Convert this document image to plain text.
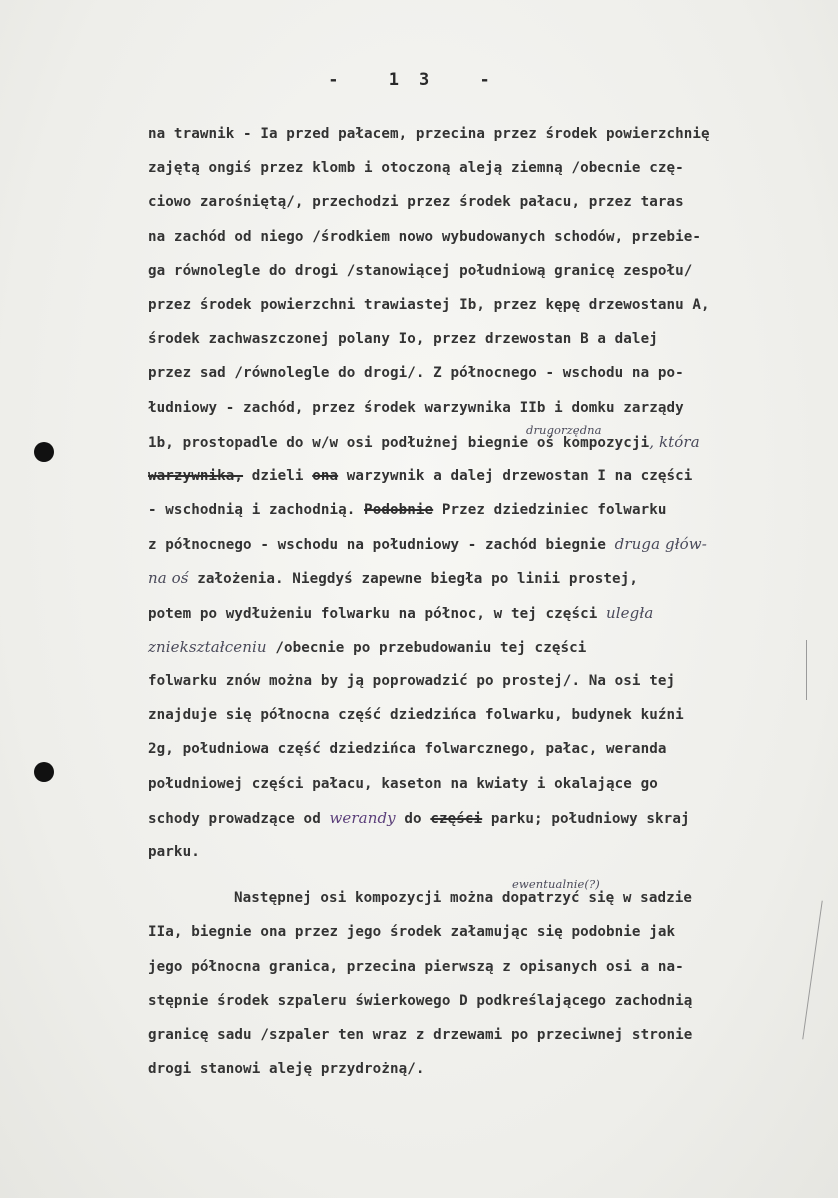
- 13 -
na trawnik - Ia przed pałacem, przecina przez środek powierzchnię
zajętą ongiś przez klomb i otoczoną aleją ziemną /obecnie czę-
ciowo zarośniętą/, przechodzi przez środek pałacu, przez taras
na zachód od niego /środkiem nowo wybudowanych schodów, przebie-
ga równolegle do drogi /stanowiącej południową granicę zespołu/
przez środek powierzchni trawiastej Ib, przez kępę drzewostanu A,
środek zachwaszczonej polany Io, przez drzewostan B a dalej
przez sad /równolegle do drogi/. Z północnego - wschodu na po-
łudniowy - zachód, przez środek warzywnika IIb i domku zarządy
1b, prostopadle do w/w osi podłużnej biegnie oś kompozycji, która
drugorzędna
warzywnika, dzieli ona warzywnik a dalej drzewostan I na części
- wschodnią i zachodnią. Podobnie Przez dziedziniec folwarku
z północnego - wschodu na południowy - zachód biegnie druga głów-
na oś założenia. Niegdyś zapewne biegła po linii prostej,
potem po wydłużeniu folwarku na północ, w tej części uległa
zniekształceniu /obecnie po przebudowaniu tej części
folwarku znów można by ją poprowadzić po prostej/. Na osi tej
znajduje się północna część dziedzińca folwarku, budynek kuźni
2g, południowa część dziedzińca folwarcznego, pałac, weranda
południowej części pałacu, kaseton na kwiaty i okalające go
schody prowadzące od werandy do części parku; południowy skraj
parku.
Następnej osi kompozycji można dopatrzyć się w sadzie
ewentualnie(?)
IIa, biegnie ona przez jego środek załamując się podobnie jak
jego północna granica, przecina pierwszą z opisanych osi a na-
stępnie środek szpaleru świerkowego D podkreślającego zachodnią
granicę sadu /szpaler ten wraz z drzewami po przeciwnej stronie
drogi stanowi aleję przydrożną/.
